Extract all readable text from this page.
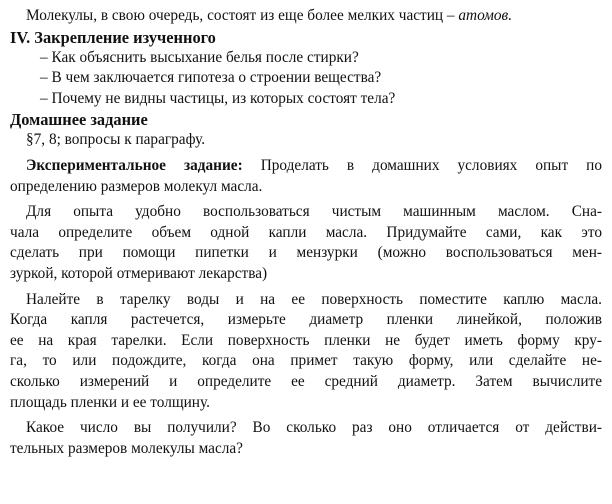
Молекулы, в свою очередь, состоят из еще более мелких частиц – атомов.
IV. Закрепление изученного
– Как объяснить высыхание белья после стирки?
– В чем заключается гипотеза о строении вещества?
– Почему не видны частицы, из которых состоят тела?
Домашнее задание
§7, 8; вопросы к параграфу.
Экспериментальное задание: Проделать в домашних условиях опыт по
определению размеров молекул масла.
Для опыта удобно воспользоваться чистым машинным маслом. Сна-
чала определите объем одной капли масла. Придумайте сами, как это
сделать при помощи пипетки и мензурки (можно воспользоваться мен-
зуркой, которой отмеривают лекарства)
Налейте в тарелку воды и на ее поверхность поместите каплю масла.
Когда капля растечется, измерьте диаметр пленки линейкой, положив
ее на края тарелки. Если поверхность пленки не будет иметь форму кру-
га, то или подождите, когда она примет такую форму, или сделайте не-
сколько измерений и определите ее средний диаметр. Затем вычислите
площадь пленки и ее толщину.
Какое число вы получили? Во сколько раз оно отличается от действи-
тельных размеров молекулы масла?
